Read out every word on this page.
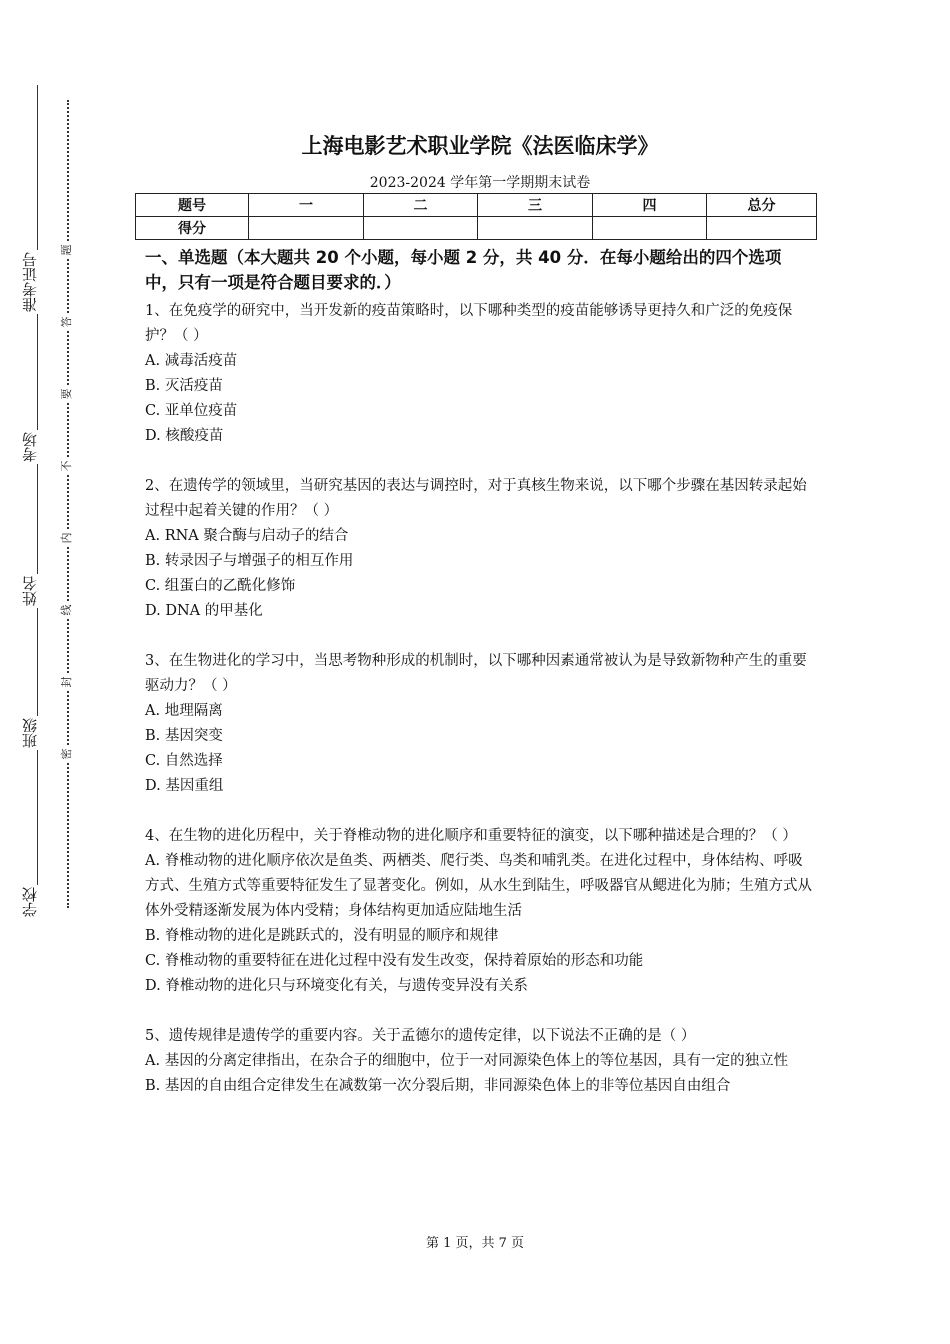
准考证号
考场
姓名
班级
学校
题
答
要
不
内
线
封
密
上海电影艺术职业学院《法医临床学》
2023-2024 学年第一学期期末试卷
题号	一	二	三	四	总分
得分					

一、单选题（本大题共 20 个小题，每小题 2 分，共 40 分．在每小题给出的四个选项中，只有一项是符合题目要求的．）

1、在免疫学的研究中，当开发新的疫苗策略时，以下哪种类型的疫苗能够诱导更持久和广泛的免疫保护？（ ）

A. 减毒活疫苗

B. 灭活疫苗

C. 亚单位疫苗

D. 核酸疫苗

2、在遗传学的领域里，当研究基因的表达与调控时，对于真核生物来说，以下哪个步骤在基因转录起始过程中起着关键的作用？（ ）

A. RNA 聚合酶与启动子的结合

B. 转录因子与增强子的相互作用

C. 组蛋白的乙酰化修饰

D. DNA 的甲基化

3、在生物进化的学习中，当思考物种形成的机制时，以下哪种因素通常被认为是导致新物种产生的重要驱动力？（ ）

A. 地理隔离

B. 基因突变

C. 自然选择

D. 基因重组

4、在生物的进化历程中，关于脊椎动物的进化顺序和重要特征的演变，以下哪种描述是合理的？（ ）

A. 脊椎动物的进化顺序依次是鱼类、两栖类、爬行类、鸟类和哺乳类。在进化过程中，身体结构、呼吸方式、生殖方式等重要特征发生了显著变化。例如，从水生到陆生，呼吸器官从鳃进化为肺；生殖方式从体外受精逐渐发展为体内受精；身体结构更加适应陆地生活

B. 脊椎动物的进化是跳跃式的，没有明显的顺序和规律

C. 脊椎动物的重要特征在进化过程中没有发生改变，保持着原始的形态和功能

D. 脊椎动物的进化只与环境变化有关，与遗传变异没有关系

5、遗传规律是遗传学的重要内容。关于孟德尔的遗传定律，以下说法不正确的是（ ）

A. 基因的分离定律指出，在杂合子的细胞中，位于一对同源染色体上的等位基因，具有一定的独立性

B. 基因的自由组合定律发生在减数第一次分裂后期，非同源染色体上的非等位基因自由组合

第 1 页，共 7 页
